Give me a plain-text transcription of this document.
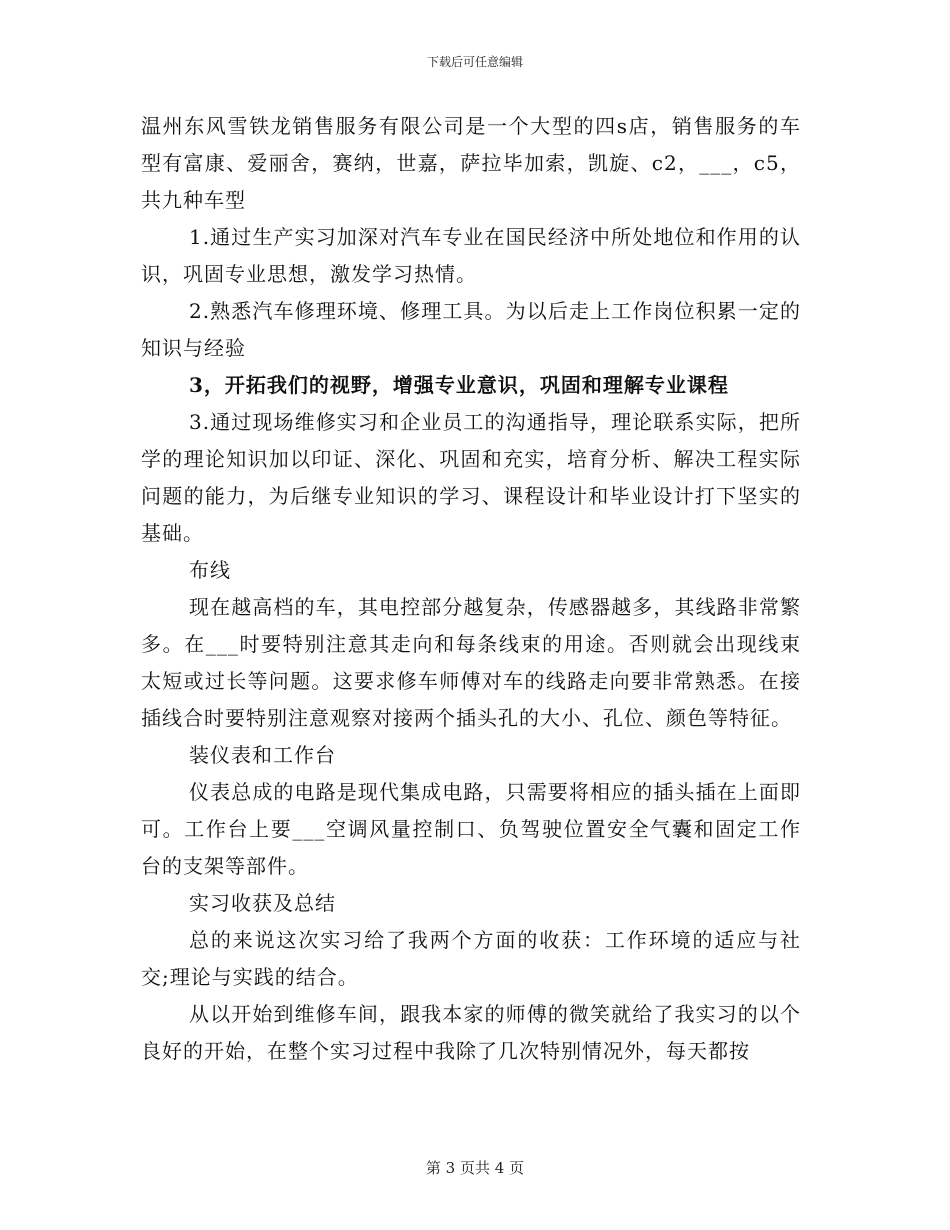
下载后可任意编辑

温州东风雪铁龙销售服务有限公司是一个大型的四s店，销售服务的车型有富康、爱丽舍，赛纳，世嘉，萨拉毕加索，凯旋、c2，___，c5，共九种车型

1.通过生产实习加深对汽车专业在国民经济中所处地位和作用的认识，巩固专业思想，激发学习热情。

2.熟悉汽车修理环境、修理工具。为以后走上工作岗位积累一定的知识与经验

3，开拓我们的视野，增强专业意识，巩固和理解专业课程

3.通过现场维修实习和企业员工的沟通指导，理论联系实际，把所学的理论知识加以印证、深化、巩固和充实，培育分析、解决工程实际问题的能力，为后继专业知识的学习、课程设计和毕业设计打下坚实的基础。

布线

现在越高档的车，其电控部分越复杂，传感器越多，其线路非常繁多。在___时要特别注意其走向和每条线束的用途。否则就会出现线束太短或过长等问题。这要求修车师傅对车的线路走向要非常熟悉。在接插线合时要特别注意观察对接两个插头孔的大小、孔位、颜色等特征。

装仪表和工作台

仪表总成的电路是现代集成电路，只需要将相应的插头插在上面即可。工作台上要___空调风量控制口、负驾驶位置安全气囊和固定工作台的支架等部件。

实习收获及总结

总的来说这次实习给了我两个方面的收获：工作环境的适应与社交;理论与实践的结合。

从以开始到维修车间，跟我本家的师傅的微笑就给了我实习的以个良好的开始，在整个实习过程中我除了几次特别情况外，每天都按

第 3 页共 4 页
